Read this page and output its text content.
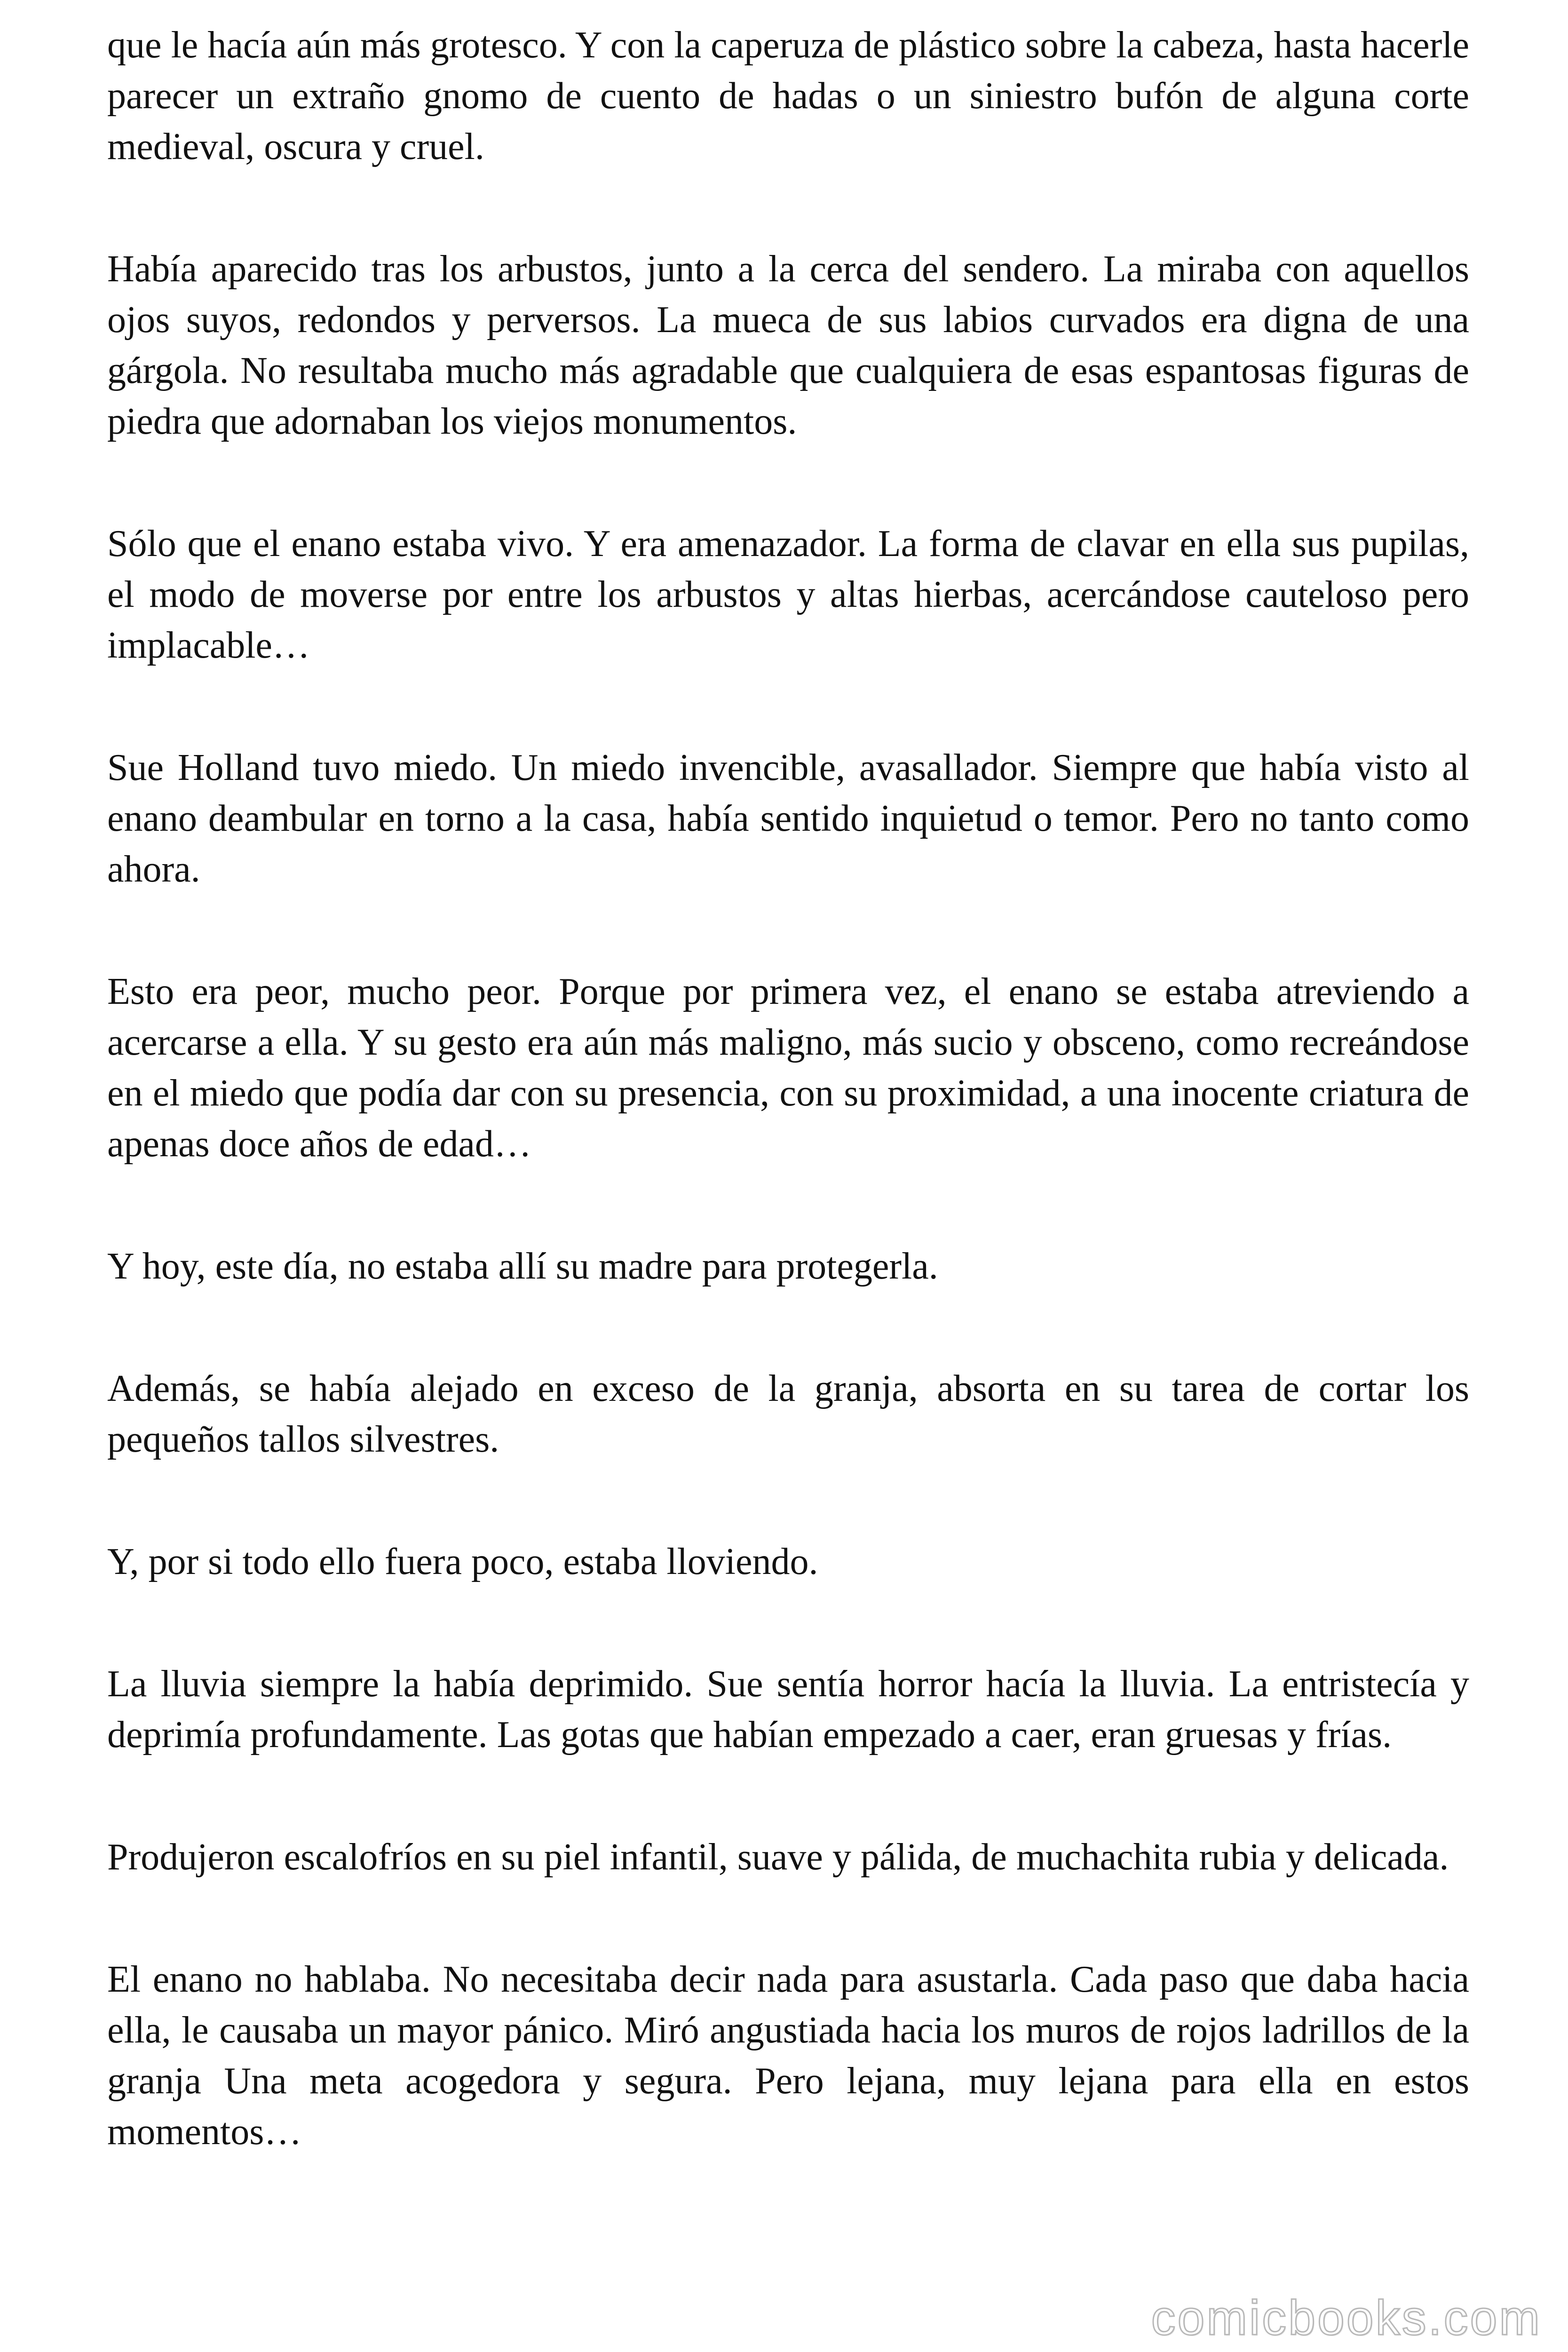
que le hacía aún más grotesco. Y con la caperuza de plástico sobre la cabeza, hasta hacerle parecer un extraño gnomo de cuento de hadas o un siniestro bufón de alguna corte medieval, oscura y cruel.

Había aparecido tras los arbustos, junto a la cerca del sendero. La miraba con aquellos ojos suyos, redondos y perversos. La mueca de sus labios curvados era digna de una gárgola. No resultaba mucho más agradable que cualquiera de esas espantosas figuras de piedra que adornaban los viejos monumentos.

Sólo que el enano estaba vivo. Y era amenazador. La forma de clavar en ella sus pupilas, el modo de moverse por entre los arbustos y altas hierbas, acercándose cauteloso pero implacable…

Sue Holland tuvo miedo. Un miedo invencible, avasallador. Siempre que había visto al enano deambular en torno a la casa, había sentido inquietud o temor. Pero no tanto como ahora.

Esto era peor, mucho peor. Porque por primera vez, el enano se estaba atreviendo a acercarse a ella. Y su gesto era aún más maligno, más sucio y obsceno, como recreándose en el miedo que podía dar con su presencia, con su proximidad, a una inocente criatura de apenas doce años de edad…

Y hoy, este día, no estaba allí su madre para protegerla.

Además, se había alejado en exceso de la granja, absorta en su tarea de cortar los pequeños tallos silvestres.

Y, por si todo ello fuera poco, estaba lloviendo.

La lluvia siempre la había deprimido. Sue sentía horror hacía la lluvia. La entristecía y deprimía profundamente. Las gotas que habían empezado a caer, eran gruesas y frías.

Produjeron escalofríos en su piel infantil, suave y pálida, de muchachita rubia y delicada.

El enano no hablaba. No necesitaba decir nada para asustarla. Cada paso que daba hacia ella, le causaba un mayor pánico. Miró angustiada hacia los muros de rojos ladrillos de la granja Una meta acogedora y segura. Pero lejana, muy lejana para ella en estos momentos…

comicbooks.com
